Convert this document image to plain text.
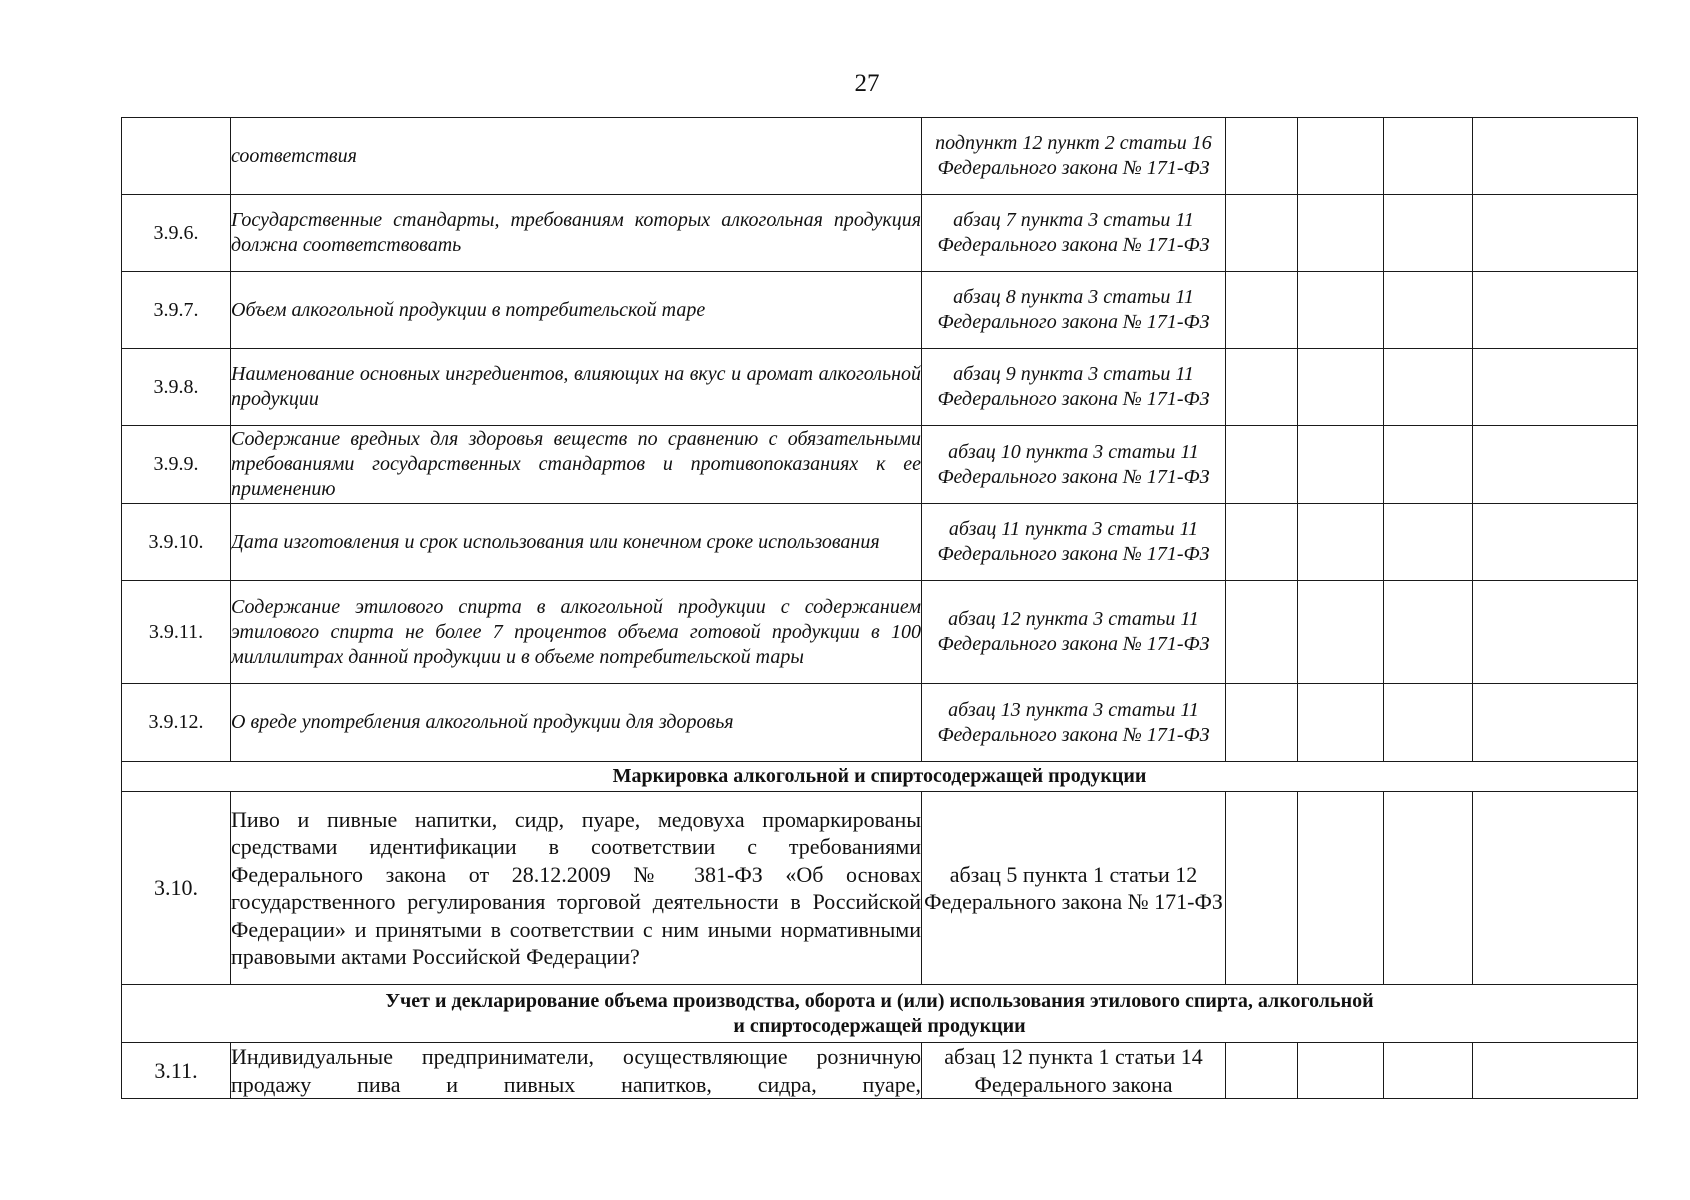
27
	соответствия	подпункт 12 пункт 2 статьи 16 Федерального закона № 171-ФЗ				
3.9.6.	Государственные стандарты, требованиям которых алкогольная продукция должна соответствовать	абзац 7 пункта 3 статьи 11 Федерального закона № 171-ФЗ				
3.9.7.	Объем алкогольной продукции в потребительской таре	абзац 8 пункта 3 статьи 11 Федерального закона № 171-ФЗ				
3.9.8.	Наименование основных ингредиентов, влияющих на вкус и аромат алкогольной продукции	абзац 9 пункта 3 статьи 11 Федерального закона № 171-ФЗ				
3.9.9.	Содержание вредных для здоровья веществ по сравнению с обязательными требованиями государственных стандартов и противопоказаниях к ее применению	абзац 10 пункта 3 статьи 11 Федерального закона № 171-ФЗ				
3.9.10.	Дата изготовления и срок использования или конечном сроке использования	абзац 11 пункта 3 статьи 11 Федерального закона № 171-ФЗ				
3.9.11.	Содержание этилового спирта в алкогольной продукции с содержанием этилового спирта не более 7 процентов объема готовой продукции в 100 миллилитрах данной продукции и в объеме потребительской тары	абзац 12 пункта 3 статьи 11 Федерального закона № 171-ФЗ				
3.9.12.	О вреде употребления алкогольной продукции для здоровья	абзац 13 пункта 3 статьи 11 Федерального закона № 171-ФЗ				
Маркировка алкогольной и спиртосодержащей продукции						
3.10.	Пиво и пивные напитки, сидр, пуаре, медовуха промаркированы средствами идентификации в соответствии с требованиями Федерального закона от 28.12.2009 № 381-ФЗ «Об основах государственного регулирования торговой деятельности в Российской Федерации» и принятыми в соответствии с ним иными нормативными правовыми актами Российской Федерации?	абзац 5 пункта 1 статьи 12 Федерального закона № 171-ФЗ				

Учет и декларирование объема производства, оборота и (или) использования этилового спирта, алкогольной
и спиртосодержащей продукции						

3.11.	Индивидуальные предприниматели, осуществляющие розничную продажу пива и пивных напитков, сидра, пуаре,	абзац 12 пункта 1 статьи 14 Федерального закона				
